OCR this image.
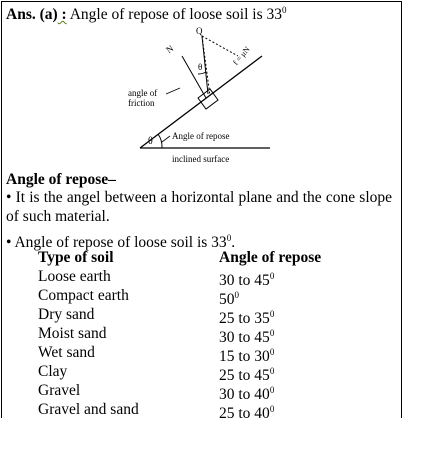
Ans. (a) : Angle of repose of loose soil is $33^0$
θ
θ
N
Q
f = μN
angle of
friction
Angle of repose
inclined surface
Angle of repose–
• It is the angel between a horizontal plane and the cone slope of such material.
• Angle of repose of loose soil is $33^0$.
Type of soil	Angle of repose
Loose earth	30 to $45^0$
Compact earth	$50^0$
Dry sand	25 to $35^0$
Moist sand	30 to $45^0$
Wet sand	15 to $30^0$
Clay	25 to $45^0$
Gravel	30 to $40^0$
Gravel and sand	25 to $40^0$
